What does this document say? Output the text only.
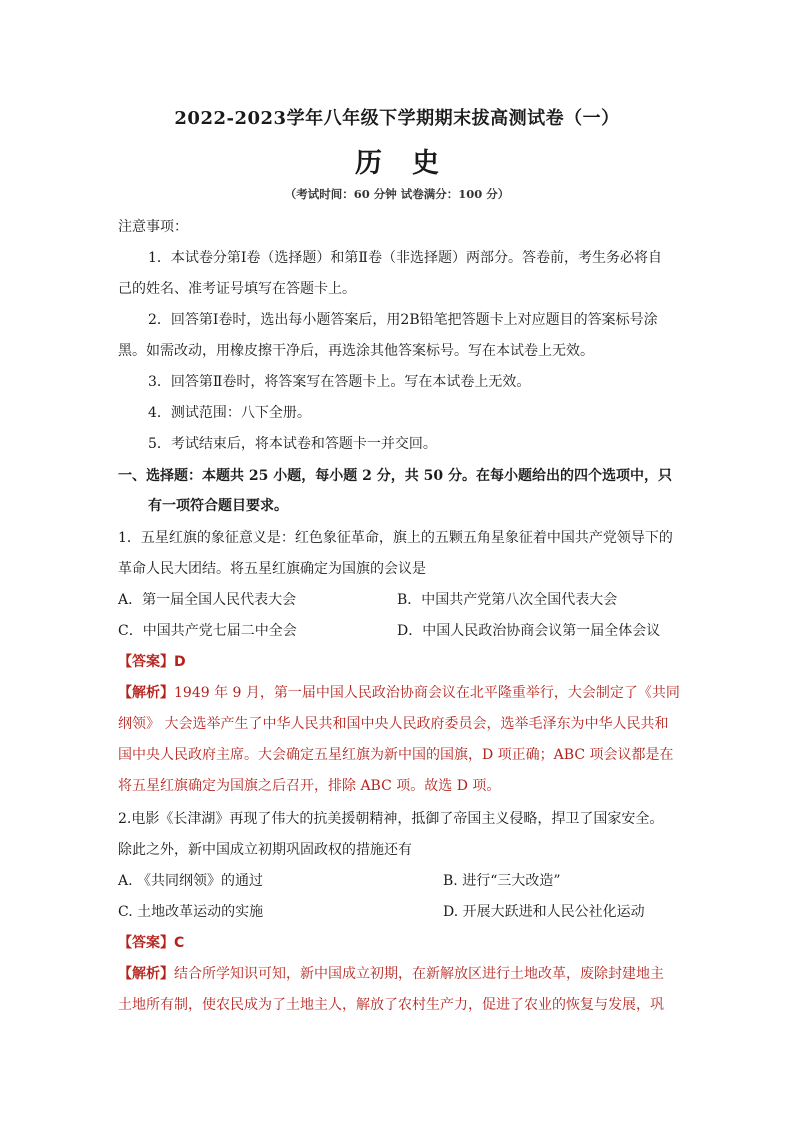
2022-2023学年八年级下学期期末拔高测试卷（一）
历史
（考试时间：60 分钟 试卷满分：100 分）
注意事项：
1．本试卷分第Ⅰ卷（选择题）和第Ⅱ卷（非选择题）两部分。答卷前，考生务必将自
己的姓名、准考证号填写在答题卡上。
2．回答第Ⅰ卷时，选出每小题答案后，用2B铅笔把答题卡上对应题目的答案标号涂
黑。如需改动，用橡皮擦干净后，再选涂其他答案标号。写在本试卷上无效。
3．回答第Ⅱ卷时，将答案写在答题卡上。写在本试卷上无效。
4．测试范围：八下全册。
5．考试结束后，将本试卷和答题卡一并交回。
一、选择题：本题共 25 小题，每小题 2 分，共 50 分。在每小题给出的四个选项中，只
有一项符合题目要求。
1．五星红旗的象征意义是：红色象征革命，旗上的五颗五角星象征着中国共产党领导下的
革命人民大团结。将五星红旗确定为国旗的会议是
A．第一届全国人民代表大会	B．中国共产党第八次全国代表大会
C．中国共产党七届二中全会	D．中国人民政治协商会议第一届全体会议
【答案】D
【解析】1949 年 9 月，第一届中国人民政治协商会议在北平隆重举行，大会制定了《共同
纲领》 大会选举产生了中华人民共和国中央人民政府委员会，选举毛泽东为中华人民共和
国中央人民政府主席。大会确定五星红旗为新中国的国旗，D 项正确；ABC 项会议都是在
将五星红旗确定为国旗之后召开，排除 ABC 项。故选 D 项。
2.电影《长津湖》再现了伟大的抗美援朝精神，抵御了帝国主义侵略，捍卫了国家安全。
除此之外，新中国成立初期巩固政权的措施还有
A. 《共同纲领》的通过	B. 进行“三大改造”
C. 土地改革运动的实施	D. 开展大跃进和人民公社化运动
【答案】C
【解析】结合所学知识可知，新中国成立初期，在新解放区进行土地改革，废除封建地主
土地所有制，使农民成为了土地主人，解放了农村生产力，促进了农业的恢复与发展，巩
